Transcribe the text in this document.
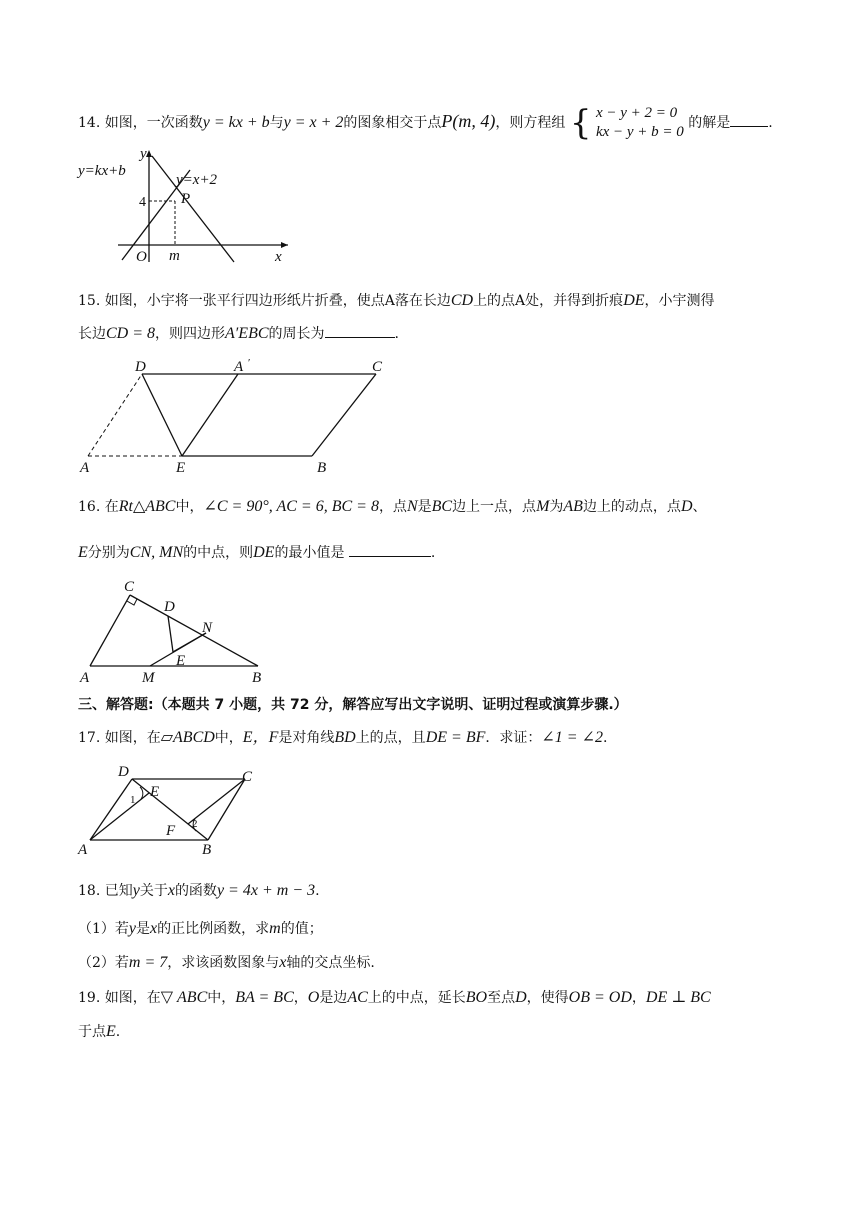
14. 如图，一次函数y = kx + b与y = x + 2的图象相交于点P(m, 4)，则方程组 { x − y + 2 = 0
kx − y + b = 0 的解是	.
y=kx+b
y=x+2
y
x
O m
4 P
15. 如图，小宇将一张平行四边形纸片折叠，使点A落在长边CD上的点A处，并得到折痕DE，小宇测得
长边CD = 8，则四边形A′EBC的周长为	.
D	A ′	C
A	E	B
16. 在Rt△ABC中，∠C = 90°, AC = 6, BC = 8，点N是BC边上一点，点M为AB边上的动点，点D、
E分别为CN, MN的中点，则DE的最小值是	.
C
D
N
E
A	M	B
三、解答题:（本题共 7 小题，共 72 分，解答应写出文字说明、证明过程或演算步骤.）
17. 如图，在▱ABCD中，E，F是对角线BD上的点，且DE = BF．求证：∠1 = ∠2.
D	C
E
F
A	B
1
2
18. 已知y关于x的函数y = 4x + m − 3.
（1）若y是x的正比例函数，求m的值；
（2）若m = 7，求该函数图象与x轴的交点坐标.
19. 如图，在▽ ABC中，BA = BC，O是边AC上的中点，延长BO至点D，使得OB = OD，DE ⊥ BC
于点E.
